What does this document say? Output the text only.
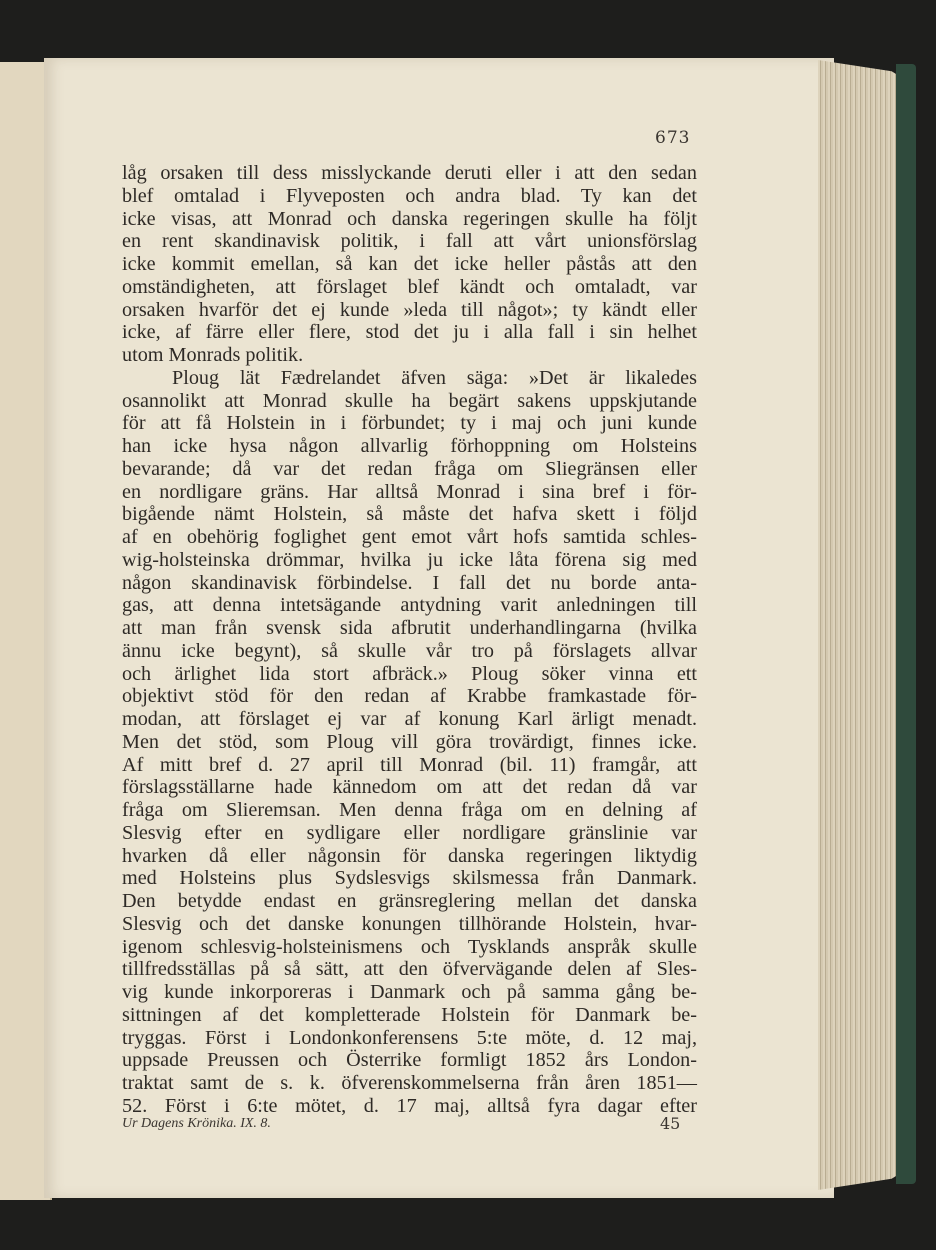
673
låg orsaken till dess misslyckande deruti eller i att den sedan
blef omtalad i Flyveposten och andra blad. Ty kan det
icke visas, att Monrad och danska regeringen skulle ha följt
en rent skandinavisk politik, i fall att vårt unionsförslag
icke kommit emellan, så kan det icke heller påstås att den
omständigheten, att förslaget blef kändt och omtaladt, var
orsaken hvarför det ej kunde »leda till något»; ty kändt eller
icke, af färre eller flere, stod det ju i alla fall i sin helhet
utom Monrads politik.
Ploug lät Fædrelandet äfven säga: »Det är likaledes
osannolikt att Monrad skulle ha begärt sakens uppskjutande
för att få Holstein in i förbundet; ty i maj och juni kunde
han icke hysa någon allvarlig förhoppning om Holsteins
bevarande; då var det redan fråga om Sliegränsen eller
en nordligare gräns. Har alltså Monrad i sina bref i för-
bigående nämt Holstein, så måste det hafva skett i följd
af en obehörig foglighet gent emot vårt hofs samtida schles-
wig-holsteinska drömmar, hvilka ju icke låta förena sig med
någon skandinavisk förbindelse. I fall det nu borde anta-
gas, att denna intetsägande antydning varit anledningen till
att man från svensk sida afbrutit underhandlingarna (hvilka
ännu icke begynt), så skulle vår tro på förslagets allvar
och ärlighet lida stort afbräck.» Ploug söker vinna ett
objektivt stöd för den redan af Krabbe framkastade för-
modan, att förslaget ej var af konung Karl ärligt menadt.
Men det stöd, som Ploug vill göra trovärdigt, finnes icke.
Af mitt bref d. 27 april till Monrad (bil. 11) framgår, att
förslagsställarne hade kännedom om att det redan då var
fråga om Slieremsan. Men denna fråga om en delning af
Slesvig efter en sydligare eller nordligare gränslinie var
hvarken då eller någonsin för danska regeringen liktydig
med Holsteins plus Sydslesvigs skilsmessa från Danmark.
Den betydde endast en gränsreglering mellan det danska
Slesvig och det danske konungen tillhörande Holstein, hvar-
igenom schlesvig-holsteinismens och Tysklands anspråk skulle
tillfredsställas på så sätt, att den öfvervägande delen af Sles-
vig kunde inkorporeras i Danmark och på samma gång be-
sittningen af det kompletterade Holstein för Danmark be-
tryggas. Först i Londonkonferensens 5:te möte, d. 12 maj,
uppsade Preussen och Österrike formligt 1852 års London-
traktat samt de s. k. öfverenskommelserna från åren 1851—
52. Först i 6:te mötet, d. 17 maj, alltså fyra dagar efter
Ur Dagens Krönika. IX. 8.	45
